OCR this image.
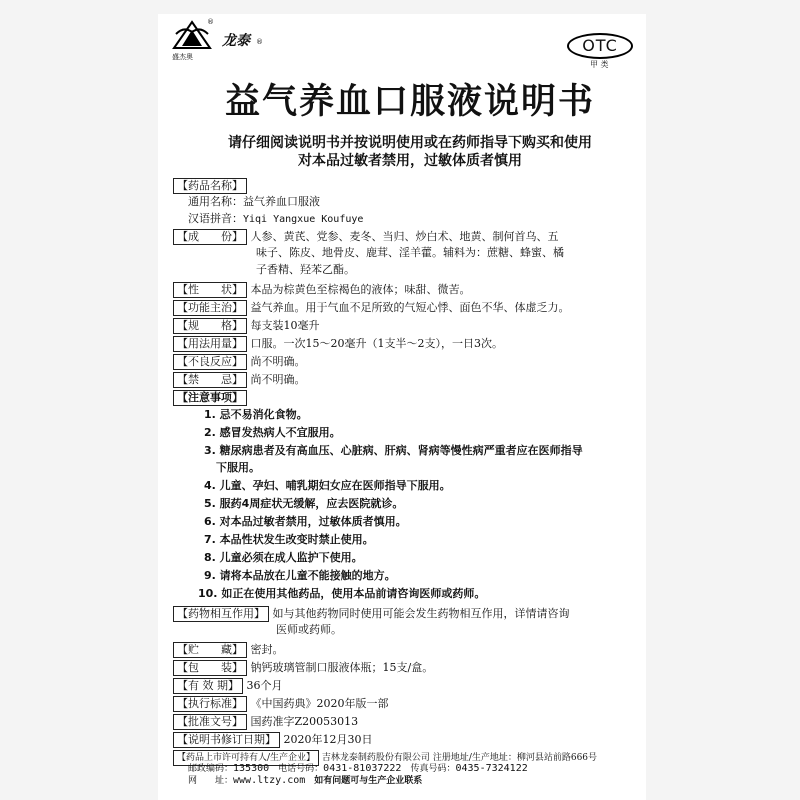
®
盛杰奥
龙泰 ®	OTC
甲 类
益气养血口服液说明书
请仔细阅读说明书并按说明使用或在药师指导下购买和使用
对本品过敏者禁用，过敏体质者慎用
【药品名称】
通用名称：益气养血口服液
汉语拼音：Yiqi Yangxue Koufuye
【成　　份】 人参、黄芪、党参、麦冬、当归、炒白术、地黄、制何首乌、五
味子、陈皮、地骨皮、鹿茸、淫羊藿。辅料为：蔗糖、蜂蜜、橘
子香精、羟苯乙酯。
【性　　状】 本品为棕黄色至棕褐色的液体；味甜、微苦。
【功能主治】 益气养血。用于气血不足所致的气短心悸、面色不华、体虚乏力。
【规　　格】 每支装10毫升
【用法用量】 口服。一次15～20毫升（1支半～2支），一日3次。
【不良反应】 尚不明确。
【禁　　忌】 尚不明确。
【注意事项】
1. 忌不易消化食物。
2. 感冒发热病人不宜服用。
3. 糖尿病患者及有高血压、心脏病、肝病、肾病等慢性病严重者应在医师指导
下服用。
4. 儿童、孕妇、哺乳期妇女应在医师指导下服用。
5. 服药4周症状无缓解，应去医院就诊。
6. 对本品过敏者禁用，过敏体质者慎用。
7. 本品性状发生改变时禁止使用。
8. 儿童必须在成人监护下使用。
9. 请将本品放在儿童不能接触的地方。
10. 如正在使用其他药品，使用本品前请咨询医师或药师。
【药物相互作用】 如与其他药物同时使用可能会发生药物相互作用，详情请咨询
医师或药师。
【贮　　藏】 密封。
【包　　装】 钠钙玻璃管制口服液体瓶；15支/盒。
【有 效 期】 36个月
【执行标准】 《中国药典》2020年版一部
【批准文号】 国药准字Z20053013
【说明书修订日期】 2020年12月30日
【药品上市许可持有人/生产企业】 吉林龙泰制药股份有限公司 注册地址/生产地址：柳河县站前路666号
邮政编码：135300　 电话号码：0431-81037222　 传真号码：0435-7324122
网　　址：www.ltzy.com　 如有问题可与生产企业联系
